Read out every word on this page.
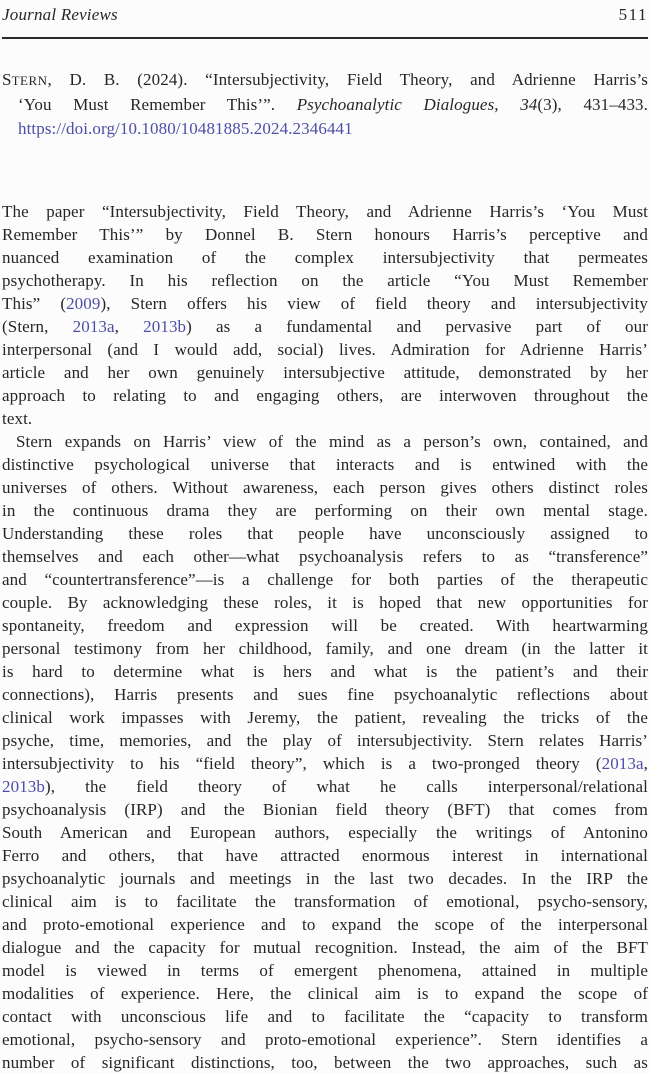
Journal Reviews	511
STERN, D. B. (2024). “Intersubjectivity, Field Theory, and Adrienne Harris’s
‘You Must Remember This’”. Psychoanalytic Dialogues, 34(3), 431–433.
https://doi.org/10.1080/10481885.2024.2346441
The paper “Intersubjectivity, Field Theory, and Adrienne Harris’s ‘You Must
Remember This’” by Donnel B. Stern honours Harris’s perceptive and
nuanced examination of the complex intersubjectivity that permeates
psychotherapy. In his reflection on the article “You Must Remember
This” (2009), Stern offers his view of field theory and intersubjectivity
(Stern, 2013a, 2013b) as a fundamental and pervasive part of our
interpersonal (and I would add, social) lives. Admiration for Adrienne Harris’
article and her own genuinely intersubjective attitude, demonstrated by her
approach to relating to and engaging others, are interwoven throughout the
text.
Stern expands on Harris’ view of the mind as a person’s own, contained, and
distinctive psychological universe that interacts and is entwined with the
universes of others. Without awareness, each person gives others distinct roles
in the continuous drama they are performing on their own mental stage.
Understanding these roles that people have unconsciously assigned to
themselves and each other—what psychoanalysis refers to as “transference”
and “countertransference”—is a challenge for both parties of the therapeutic
couple. By acknowledging these roles, it is hoped that new opportunities for
spontaneity, freedom and expression will be created. With heartwarming
personal testimony from her childhood, family, and one dream (in the latter it
is hard to determine what is hers and what is the patient’s and their
connections), Harris presents and sues fine psychoanalytic reflections about
clinical work impasses with Jeremy, the patient, revealing the tricks of the
psyche, time, memories, and the play of intersubjectivity. Stern relates Harris’
intersubjectivity to his “field theory”, which is a two-pronged theory (2013a,
2013b), the field theory of what he calls interpersonal/relational
psychoanalysis (IRP) and the Bionian field theory (BFT) that comes from
South American and European authors, especially the writings of Antonino
Ferro and others, that have attracted enormous interest in international
psychoanalytic journals and meetings in the last two decades. In the IRP the
clinical aim is to facilitate the transformation of emotional, psycho-sensory,
and proto-emotional experience and to expand the scope of the interpersonal
dialogue and the capacity for mutual recognition. Instead, the aim of the BFT
model is viewed in terms of emergent phenomena, attained in multiple
modalities of experience. Here, the clinical aim is to expand the scope of
contact with unconscious life and to facilitate the “capacity to transform
emotional, psycho-sensory and proto-emotional experience”. Stern identifies a
number of significant distinctions, too, between the two approaches, such as
